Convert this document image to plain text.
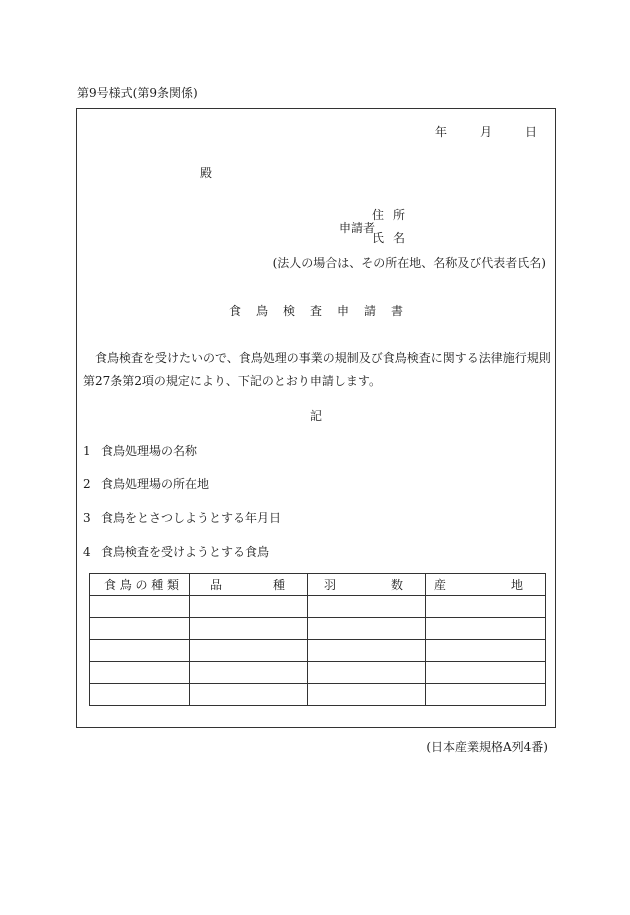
第9号様式(第9条関係)
年	月	日
殿
申請者
住所
氏名
(法人の場合は、その所在地、名称及び代表者氏名)
食鳥検査申請書
食鳥検査を受けたいので、食鳥処理の事業の規制及び食鳥検査に関する法律施行規則第27条第2項の規定により、下記のとおり申請します。
記
1 食鳥処理場の名称
2 食鳥処理場の所在地
3 食鳥をとさつしようとする年月日
4 食鳥検査を受けようとする食鳥
食鳥の種類	品種	羽数	産地

(日本産業規格A列4番)
